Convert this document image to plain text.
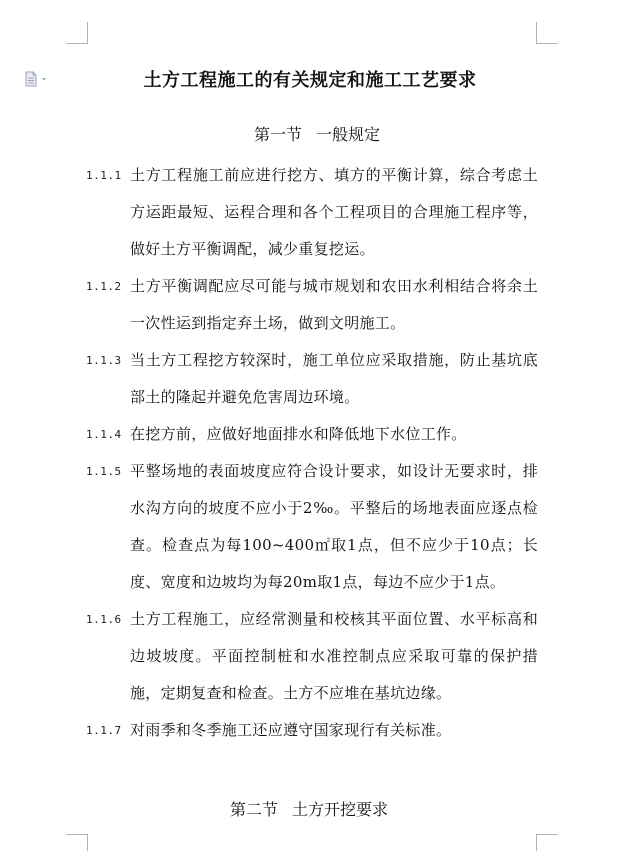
土方工程施工的有关规定和施工工艺要求
第一节 一般规定
1.1.1 土方工程施工前应进行挖方、填方的平衡计算，综合考虑土方运距最短、运程合理和各个工程项目的合理施工程序等，做好土方平衡调配，减少重复挖运。
1.1.2 土方平衡调配应尽可能与城市规划和农田水利相结合将余土一次性运到指定弃土场，做到文明施工。
1.1.3 当土方工程挖方较深时，施工单位应采取措施，防止基坑底部土的隆起并避免危害周边环境。
1.1.4 在挖方前，应做好地面排水和降低地下水位工作。
1.1.5 平整场地的表面坡度应符合设计要求，如设计无要求时，排水沟方向的坡度不应小于2‰。平整后的场地表面应逐点检查。检查点为每100~400㎡取1点，但不应少于10点；长度、宽度和边坡均为每20m取1点，每边不应少于1点。
1.1.6 土方工程施工，应经常测量和校核其平面位置、水平标高和边坡坡度。平面控制桩和水准控制点应采取可靠的保护措施，定期复查和检查。土方不应堆在基坑边缘。
1.1.7 对雨季和冬季施工还应遵守国家现行有关标准。
第二节 土方开挖要求
